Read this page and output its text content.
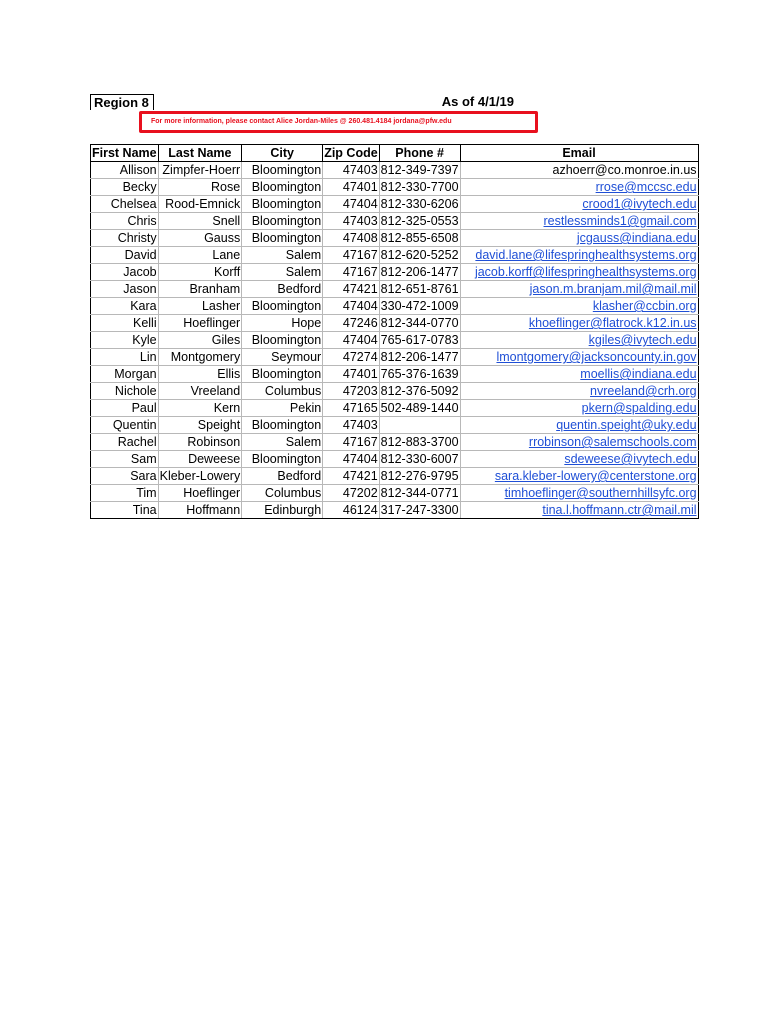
Region 8	As of 4/1/19
For more information, please contact Alice Jordan-Miles @ 260.481.4184 jordana@pfw.edu
First Name	Last Name	City	Zip Code	Phone #	Email
Allison	Zimpfer-Hoerr	Bloomington	47403	812-349-7397	azhoerr@co.monroe.in.us
Becky	Rose	Bloomington	47401	812-330-7700	rrose@mccsc.edu
Chelsea	Rood-Emnick	Bloomington	47404	812-330-6206	crood1@ivytech.edu
Chris	Snell	Bloomington	47403	812-325-0553	restlessminds1@gmail.com
Christy	Gauss	Bloomington	47408	812-855-6508	jcgauss@indiana.edu
David	Lane	Salem	47167	812-620-5252	david.lane@lifespringhealthsystems.org
Jacob	Korff	Salem	47167	812-206-1477	jacob.korff@lifespringhealthsystems.org
Jason	Branham	Bedford	47421	812-651-8761	jason.m.branjam.mil@mail.mil
Kara	Lasher	Bloomington	47404	330-472-1009	klasher@ccbin.org
Kelli	Hoeflinger	Hope	47246	812-344-0770	khoeflinger@flatrock.k12.in.us
Kyle	Giles	Bloomington	47404	765-617-0783	kgiles@ivytech.edu
Lin	Montgomery	Seymour	47274	812-206-1477	lmontgomery@jacksoncounty.in.gov
Morgan	Ellis	Bloomington	47401	765-376-1639	moellis@indiana.edu
Nichole	Vreeland	Columbus	47203	812-376-5092	nvreeland@crh.org
Paul	Kern	Pekin	47165	502-489-1440	pkern@spalding.edu
Quentin	Speight	Bloomington	47403		quentin.speight@uky.edu
Rachel	Robinson	Salem	47167	812-883-3700	rrobinson@salemschools.com
Sam	Deweese	Bloomington	47404	812-330-6007	sdeweese@ivytech.edu
Sara	Kleber-Lowery	Bedford	47421	812-276-9795	sara.kleber-lowery@centerstone.org
Tim	Hoeflinger	Columbus	47202	812-344-0771	timhoeflinger@southernhillsyfc.org
Tina	Hoffmann	Edinburgh	46124	317-247-3300	tina.l.hoffmann.ctr@mail.mil
